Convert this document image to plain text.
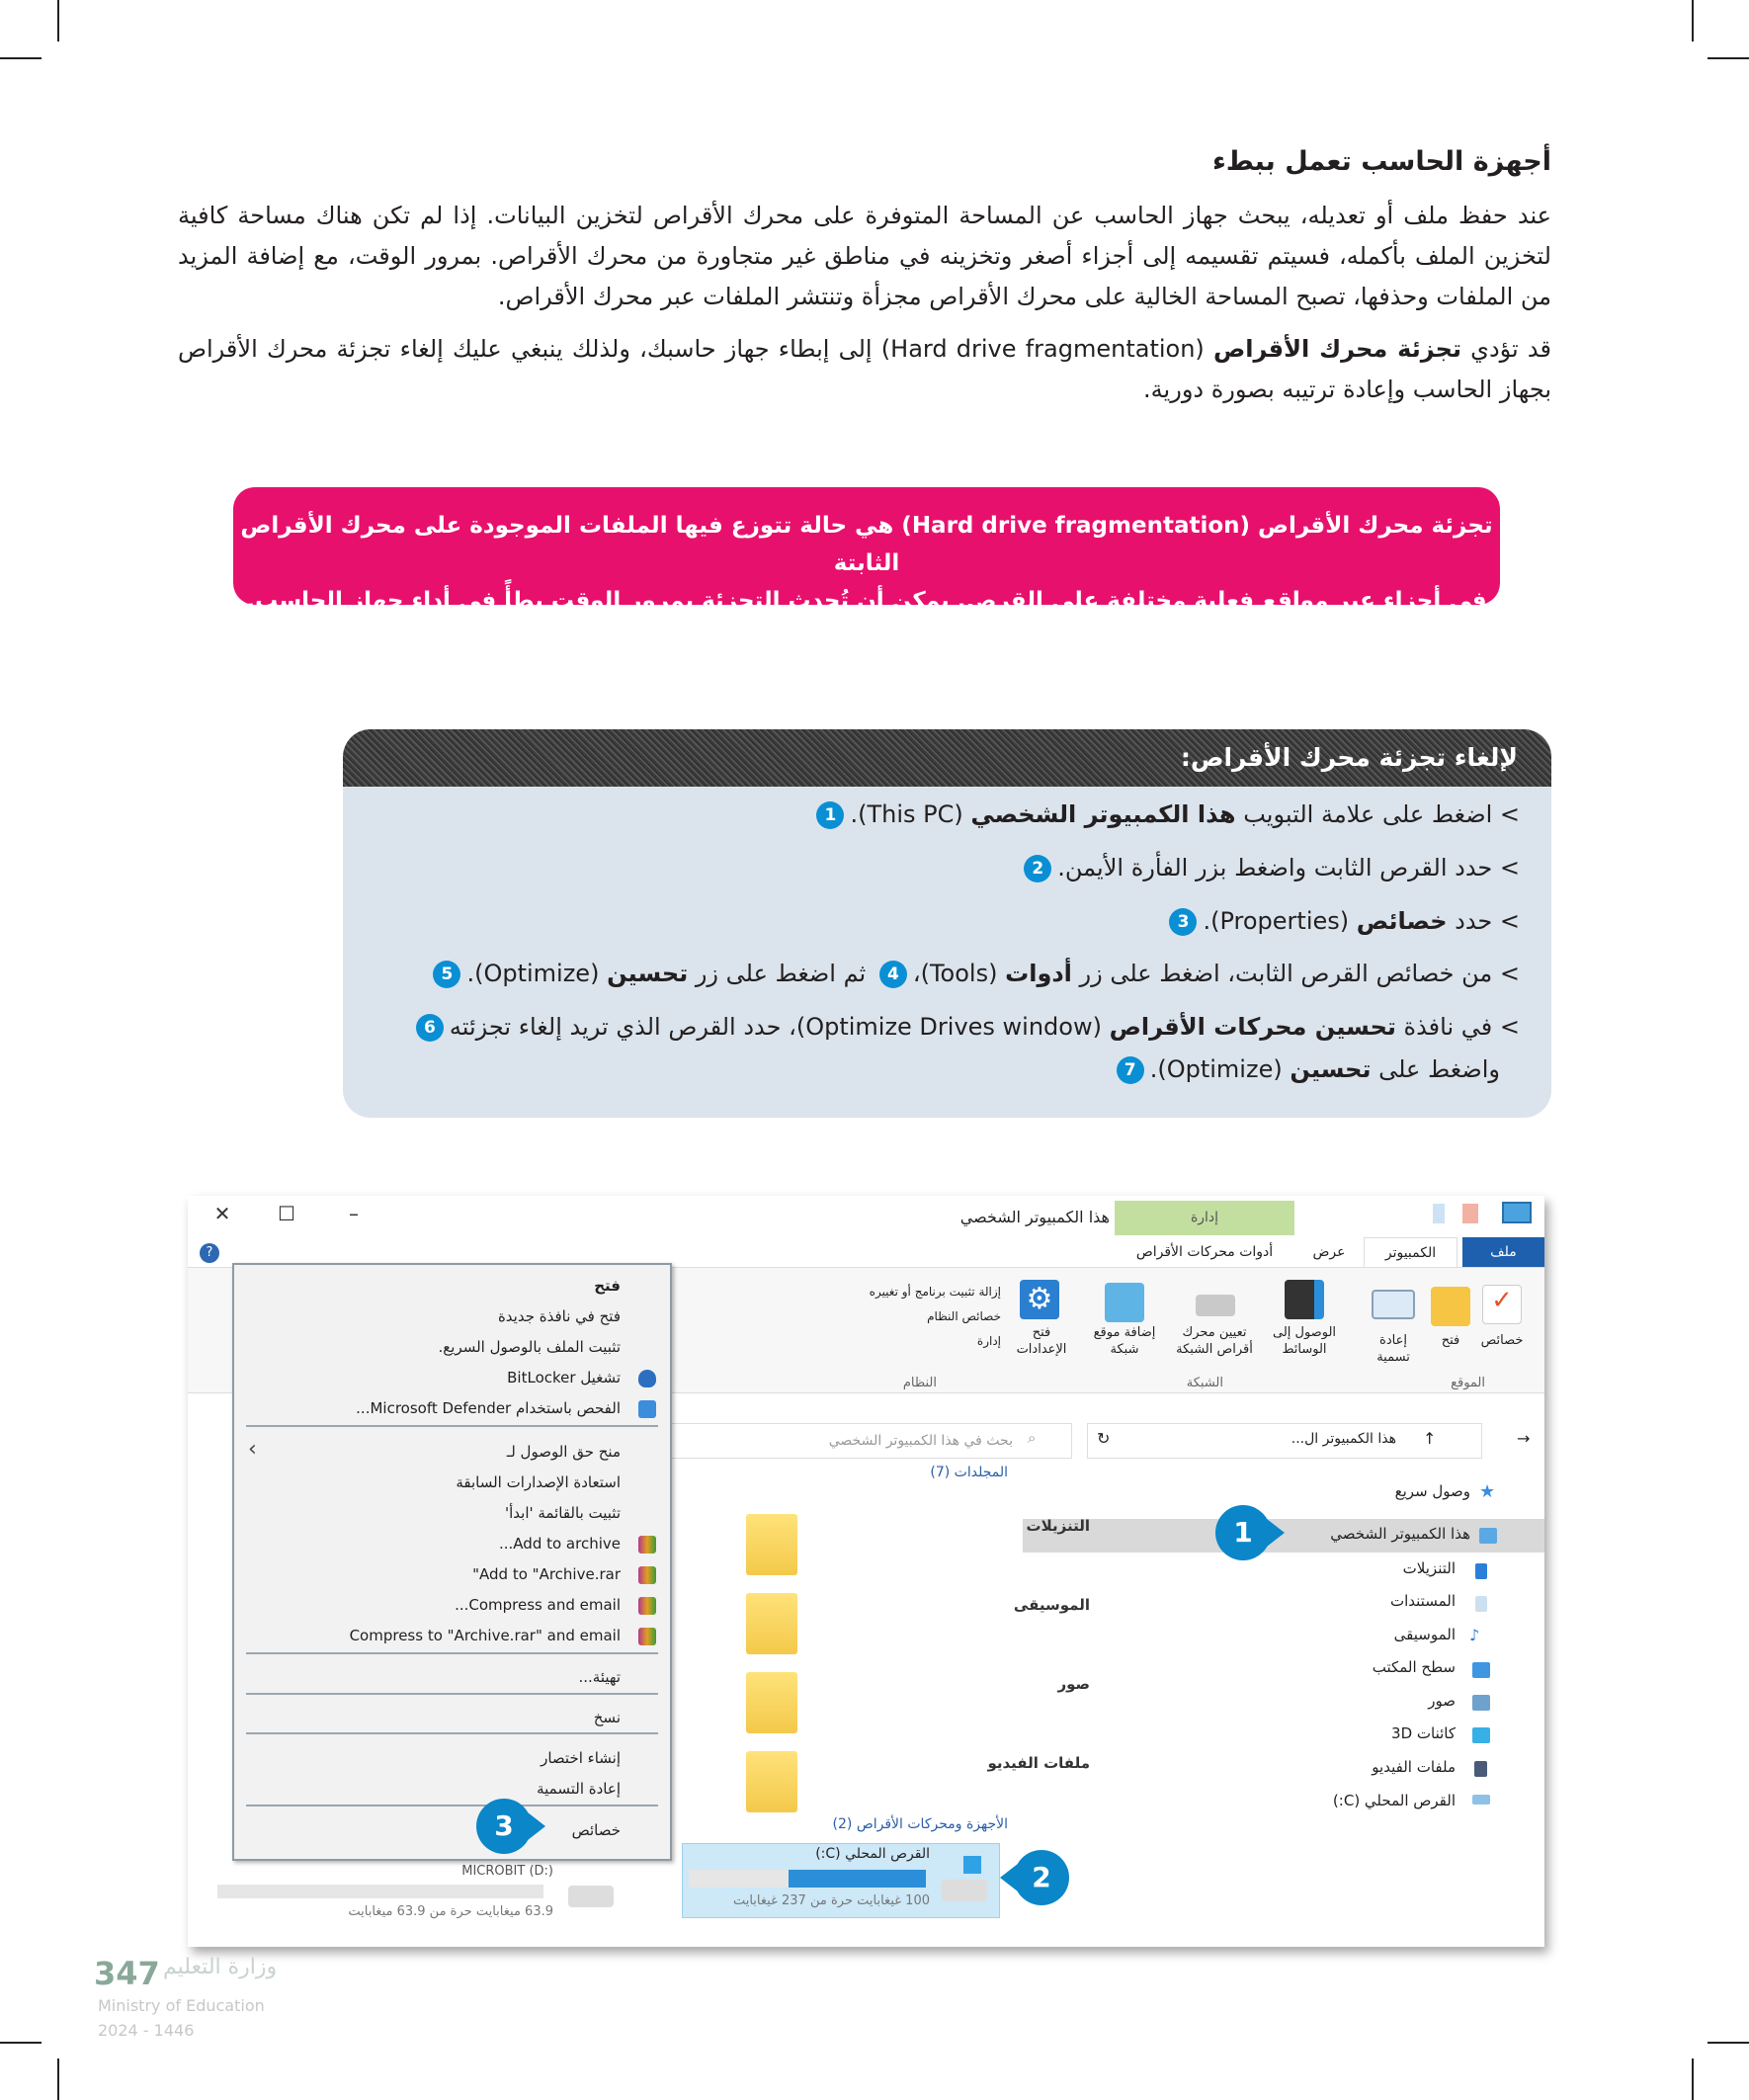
أجهزة الحاسب تعمل ببطء

عند حفظ ملف أو تعديله، يبحث جهاز الحاسب عن المساحة المتوفرة على محرك الأقراص لتخزين البيانات. إذا لم تكن هناك مساحة كافية لتخزين الملف بأكمله، فسيتم تقسيمه إلى أجزاء أصغر وتخزينه في مناطق غير متجاورة من محرك الأقراص. بمرور الوقت، مع إضافة المزيد من الملفات وحذفها، تصبح المساحة الخالية على محرك الأقراص مجزأة وتنتشر الملفات عبر محرك الأقراص.

قد تؤدي تجزئة محرك الأقراص (Hard drive fragmentation) إلى إبطاء جهاز حاسبك، ولذلك ينبغي عليك إلغاء تجزئة محرك الأقراص بجهاز الحاسب وإعادة ترتيبه بصورة دورية.

تجزئة محرك الأقراص (Hard drive fragmentation) هي حالة تتوزع فيها الملفات الموجودة على محرك الأقراص الثابتة
في أجزاء عبر مواقع فعلية مختلفة على القرص. يمكن أن تُحدث التجزئة بمرور الوقت بطأً في أداء جهاز الحاسب.
لإلغاء تجزئة محرك الأقراص:
> اضغط على علامة التبويب هذا الكمبيوتر الشخصي (This PC).1
> حدد القرص الثابت واضغط بزر الفأرة الأيمن.2
> حدد خصائص (Properties).3
> من خصائص القرص الثابت، اضغط على زر أدوات (Tools)،4 ثم اضغط على زر تحسين (Optimize).5
> في نافذة تحسين محركات الأقراص (Optimize Drives window)، حدد القرص الذي تريد إلغاء تجزئته6
واضغط على تحسين (Optimize).7
✕	☐	–	هذا الكمبيوتر الشخصي	إدارة
ملف
الكمبيوتر
عرض
أدوات محركات الأقراص
?
✓
خصائص
فتح
إعادة تسمية
الموقع
الوصول إلى الوسائط
تعيين محرك أقراص الشبكة
إضافة موقع شبكة
الشبكة
⚙
فتح الإعدادات
إزالة تثبيت برنامج أو تغييره
خصائص النظام
إدارة
النظام
هذا الكمبيوتر ال...	→
↑
↻
بحث في هذا الكمبيوتر الشخصي ⌕
★
وصول سريع
هذا الكمبيوتر الشخصي
التنزيلات
المستندات
♪
الموسيقى
سطح المكتب
صور
كائنات 3D
ملفات الفيديو
القرص المحلي (C:)
المجلدات (7)
التنزيلات
الموسيقى
صور
ملفات الفيديو
الأجهزة ومحركات الأقراص (2)
القرص المحلي (C:)
100 غيغابايت حرة من 237 غيغابايت
MICROBIT (D:)
63.9 ميغابايت حرة من 63.9 ميغابايت
فتح
فتح في نافذة جديدة
تثبيت الملف بالوصول السريع.
تشغيل BitLocker
الفحص باستخدام Microsoft Defender...
منح حق الوصول لـ
‹
استعادة الإصدارات السابقة
تثبيت بالقائمة 'ابدأ'
Add to archive...
Add to "Archive.rar"
Compress and email...
Compress to "Archive.rar" and email
تهيئة...
نسخ
إنشاء اختصار
إعادة التسمية
خصائص
1
2
3
347 وزارة التعليم
Ministry of Education
2024 - 1446
